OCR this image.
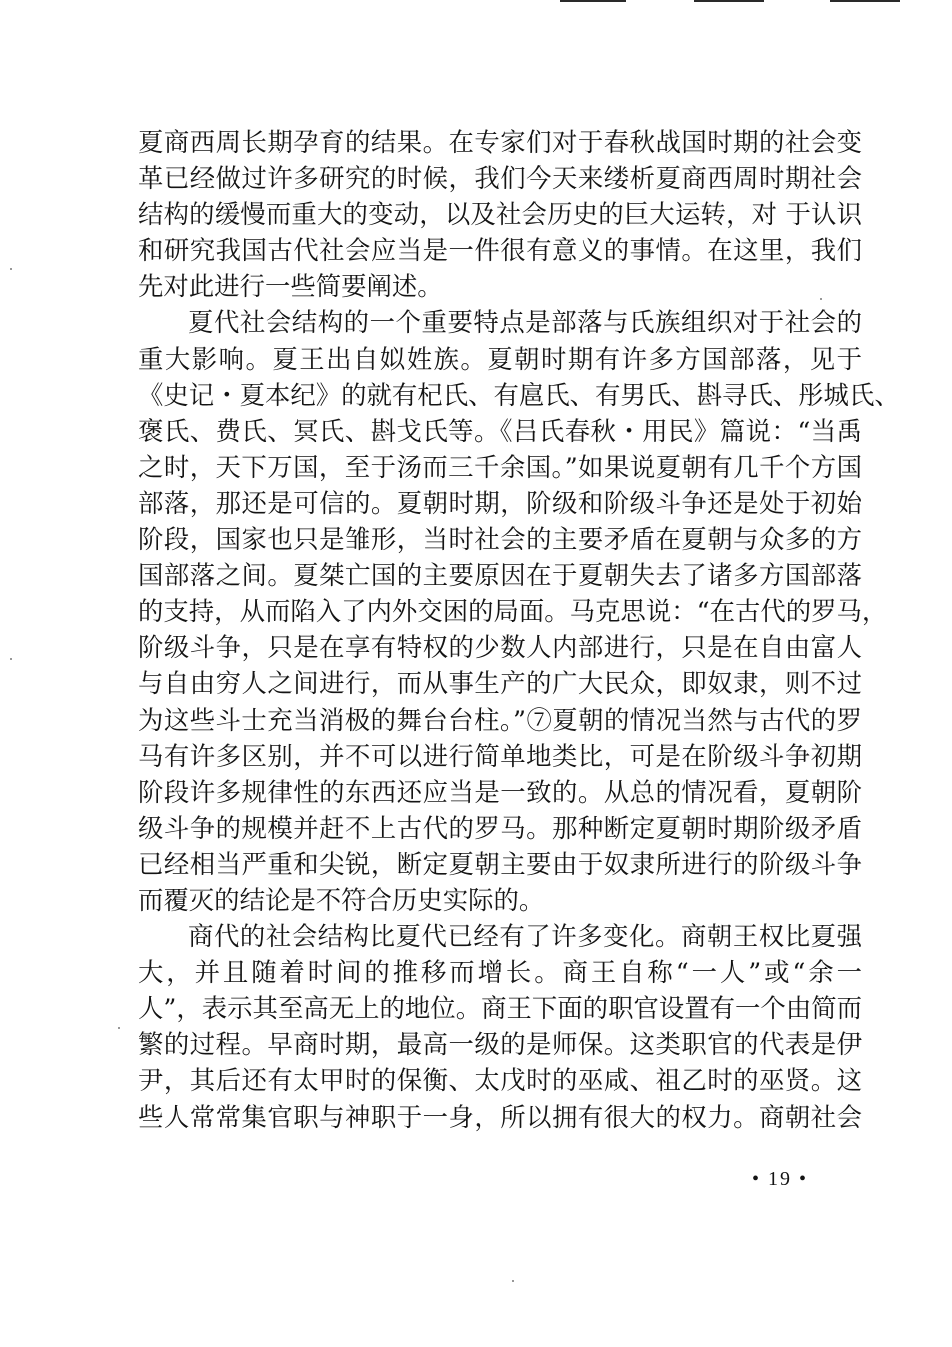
夏商西周长期孕育的结果。在专家们对于春秋战国时期的社会变
革已经做过许多研究的时候，我们今天来缕析夏商西周时期社会
结构的缓慢而重大的变动，以及社会历史的巨大运转，对 于认识
和研究我国古代社会应当是一件很有意义的事情。在这里，我们
先对此进行一些简要阐述。
夏代社会结构的一个重要特点是部落与氏族组织对于社会的
重大影响。夏王出自姒姓族。夏朝时期有许多方国部落，见于
《史记・夏本纪》的就有杞氏、有扈氏、有男氏、斟寻氏、彤城氏、
褒氏、费氏、冥氏、斟戈氏等。《吕氏春秋・用民》篇说：“当禹
之时，天下万国，至于汤而三千余国。”如果说夏朝有几千个方国
部落，那还是可信的。夏朝时期，阶级和阶级斗争还是处于初始
阶段，国家也只是雏形，当时社会的主要矛盾在夏朝与众多的方
国部落之间。夏桀亡国的主要原因在于夏朝失去了诸多方国部落
的支持，从而陷入了内外交困的局面。马克思说：“在古代的罗马，
阶级斗争，只是在享有特权的少数人内部进行，只是在自由富人
与自由穷人之间进行，而从事生产的广大民众，即奴隶，则不过
为这些斗士充当消极的舞台台柱。”⑦夏朝的情况当然与古代的罗
马有许多区别，并不可以进行简单地类比，可是在阶级斗争初期
阶段许多规律性的东西还应当是一致的。从总的情况看，夏朝阶
级斗争的规模并赶不上古代的罗马。那种断定夏朝时期阶级矛盾
已经相当严重和尖锐，断定夏朝主要由于奴隶所进行的阶级斗争
而覆灭的结论是不符合历史实际的。
商代的社会结构比夏代已经有了许多变化。商朝王权比夏强
大，并且随着时间的推移而增长。商王自称“一人”或“余一
人”，表示其至高无上的地位。商王下面的职官设置有一个由简而
繁的过程。早商时期，最高一级的是师保。这类职官的代表是伊
尹，其后还有太甲时的保衡、太戊时的巫咸、祖乙时的巫贤。这
些人常常集官职与神职于一身，所以拥有很大的权力。商朝社会
• 19 •
